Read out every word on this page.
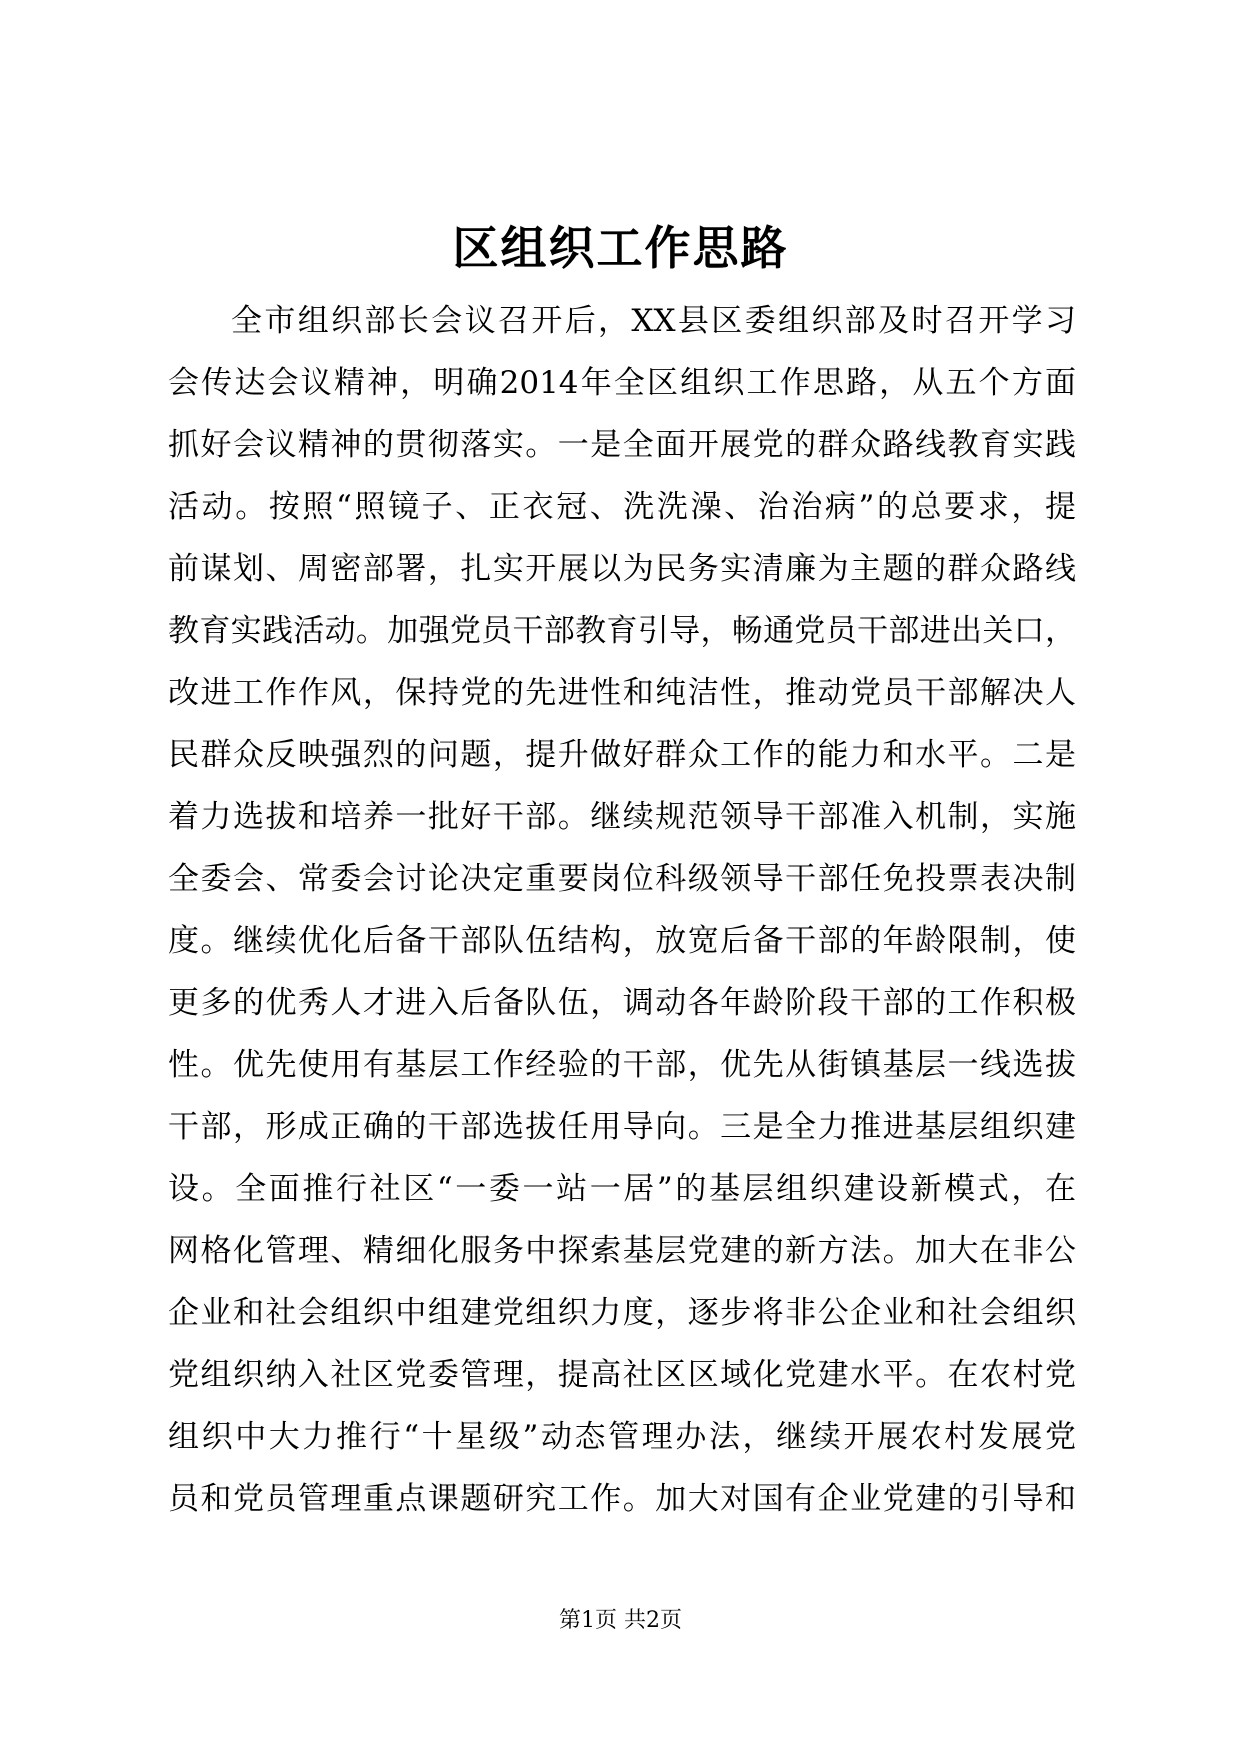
区组织工作思路
全市组织部长会议召开后，XX县区委组织部及时召开学习
会传达会议精神，明确2014年全区组织工作思路，从五个方面
抓好会议精神的贯彻落实。一是全面开展党的群众路线教育实践
活动。按照“照镜子、正衣冠、洗洗澡、治治病”的总要求，提
前谋划、周密部署，扎实开展以为民务实清廉为主题的群众路线
教育实践活动。加强党员干部教育引导，畅通党员干部进出关口，
改进工作作风，保持党的先进性和纯洁性，推动党员干部解决人
民群众反映强烈的问题，提升做好群众工作的能力和水平。二是
着力选拔和培养一批好干部。继续规范领导干部准入机制，实施
全委会、常委会讨论决定重要岗位科级领导干部任免投票表决制
度。继续优化后备干部队伍结构，放宽后备干部的年龄限制，使
更多的优秀人才进入后备队伍，调动各年龄阶段干部的工作积极
性。优先使用有基层工作经验的干部，优先从街镇基层一线选拔
干部，形成正确的干部选拔任用导向。三是全力推进基层组织建
设。全面推行社区“一委一站一居”的基层组织建设新模式，在
网格化管理、精细化服务中探索基层党建的新方法。加大在非公
企业和社会组织中组建党组织力度，逐步将非公企业和社会组织
党组织纳入社区党委管理，提高社区区域化党建水平。在农村党
组织中大力推行“十星级”动态管理办法，继续开展农村发展党
员和党员管理重点课题研究工作。加大对国有企业党建的引导和
第1页 共2页
